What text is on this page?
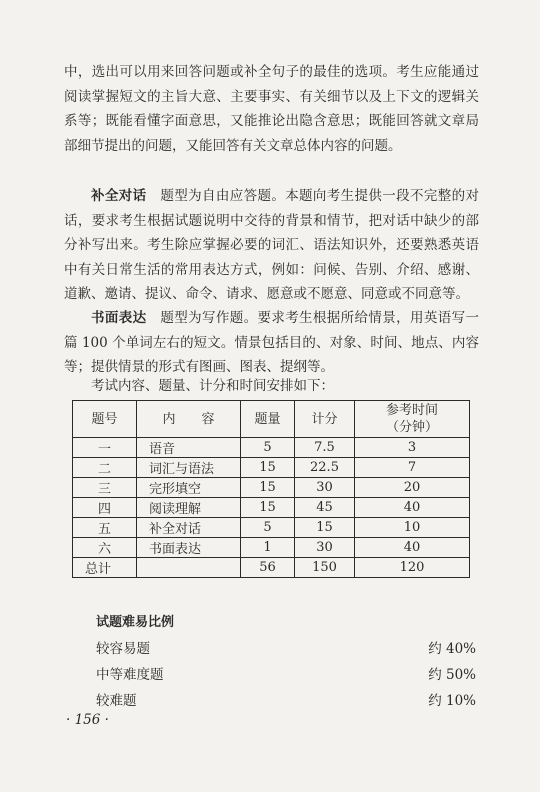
中，选出可以用来回答问题或补全句子的最佳的选项。考生应能通过阅读掌握短文的主旨大意、主要事实、有关细节以及上下文的逻辑关系等；既能看懂字面意思，又能推论出隐含意思；既能回答就文章局部细节提出的问题，又能回答有关文章总体内容的问题。

补全对话　题型为自由应答题。本题向考生提供一段不完整的对话，要求考生根据试题说明中交待的背景和情节，把对话中缺少的部分补写出来。考生除应掌握必要的词汇、语法知识外，还要熟悉英语中有关日常生活的常用表达方式，例如：问候、告别、介绍、感谢、道歉、邀请、提议、命令、请求、愿意或不愿意、同意或不同意等。

书面表达　题型为写作题。要求考生根据所给情景，用英语写一篇 100 个单词左右的短文。情景包括目的、对象、时间、地点、内容等；提供情景的形式有图画、图表、提纲等。

考试内容、题量、计分和时间安排如下：

题号	内　　容	题量	计分	参考时间
（分钟）
一	语音	5	7.5	3
二	词汇与语法	15	22.5	7
三	完形填空	15	30	20
四	阅读理解	15	45	40
五	补全对话	5	15	10
六	书面表达	1	30	40
总计		56	150	120
试题难易比例
较容易题	约 40%
中等难度题	约 50%
较难题	约 10%
· 156 ·
